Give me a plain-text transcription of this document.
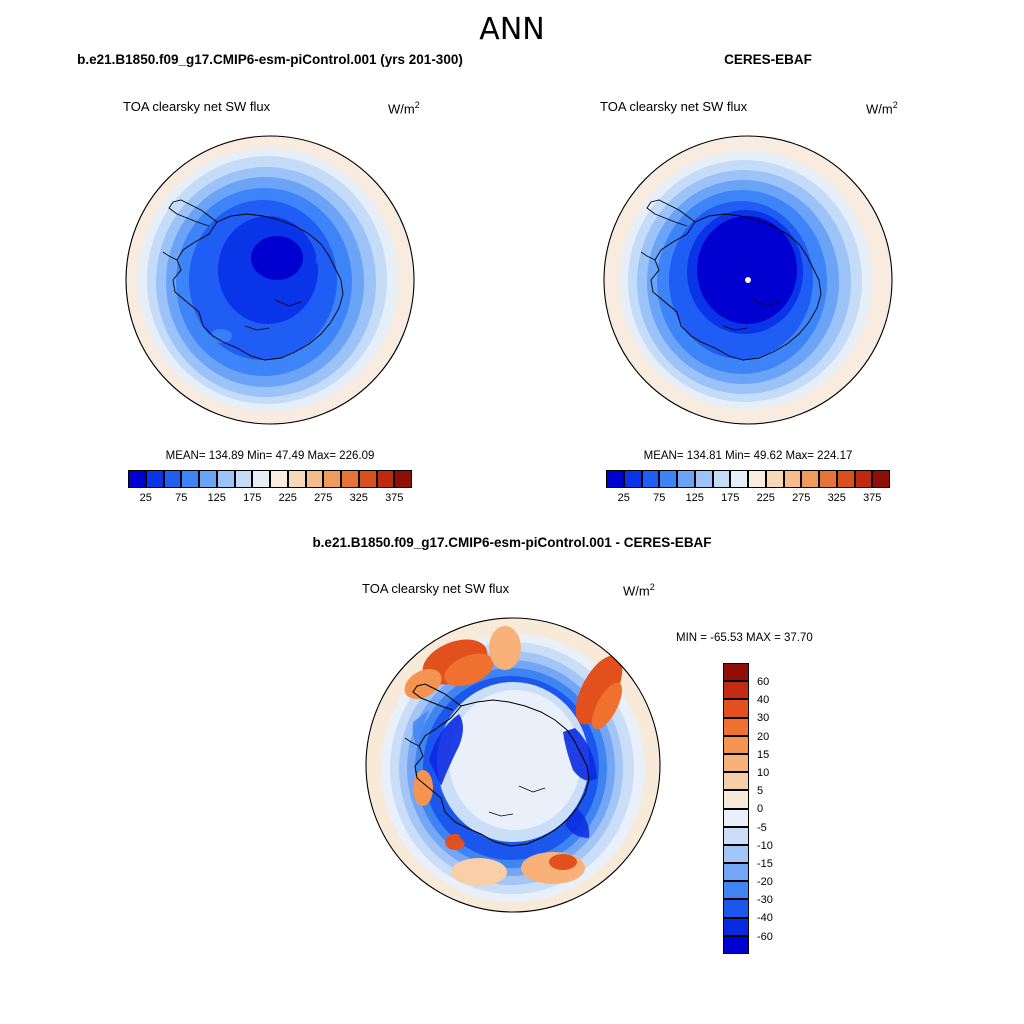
ANN
b.e21.B1850.f09_g17.CMIP6-esm-piControl.001 (yrs 201-300)
TOA clearsky net SW flux	$W/m^2$
MEAN= 134.89 Min= 47.49 Max= 226.09
25	75	125	175	225	275	325	375
CERES-EBAF
TOA clearsky net SW flux	$W/m^2$
MEAN= 134.81 Min= 49.62 Max= 224.17
25	75	125	175	225	275	325	375
b.e21.B1850.f09_g17.CMIP6-esm-piControl.001 - CERES-EBAF
TOA clearsky net SW flux	$W/m^2$
MIN = -65.53 MAX = 37.70
60
40
30
20
15
10
5
0
-5
-10
-15
-20
-30
-40
-60
